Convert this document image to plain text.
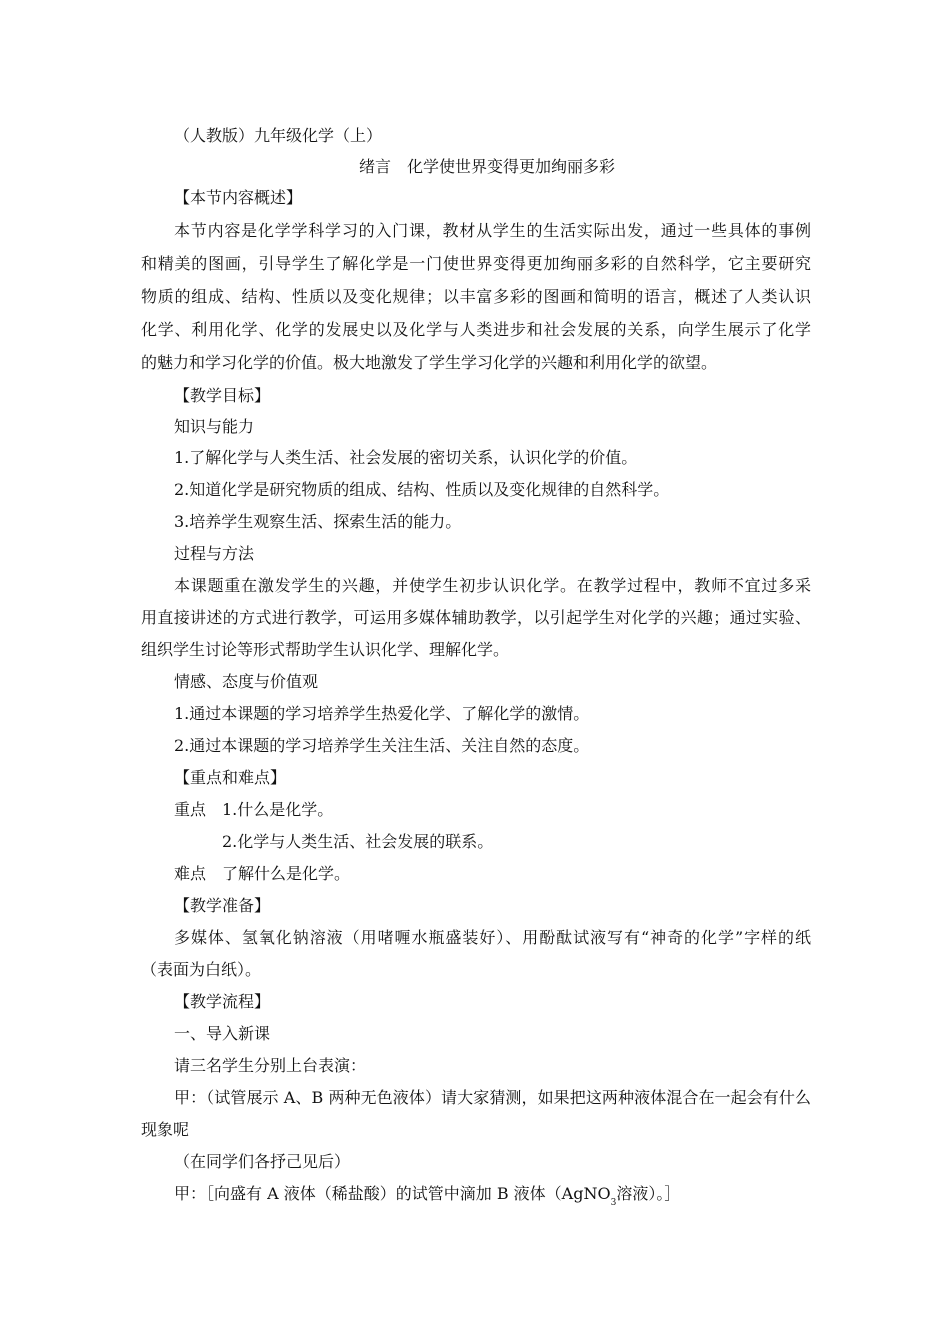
（人教版）九年级化学（上）
绪言　化学使世界变得更加绚丽多彩
【本节内容概述】
本节内容是化学学科学习的入门课，教材从学生的生活实际出发，通过一些具体的事例
和精美的图画，引导学生了解化学是一门使世界变得更加绚丽多彩的自然科学，它主要研究
物质的组成、结构、性质以及变化规律；以丰富多彩的图画和简明的语言，概述了人类认识
化学、利用化学、化学的发展史以及化学与人类进步和社会发展的关系，向学生展示了化学
的魅力和学习化学的价值。极大地激发了学生学习化学的兴趣和利用化学的欲望。
【教学目标】
知识与能力
1.了解化学与人类生活、社会发展的密切关系，认识化学的价值。
2.知道化学是研究物质的组成、结构、性质以及变化规律的自然科学。
3.培养学生观察生活、探索生活的能力。
过程与方法
本课题重在激发学生的兴趣，并使学生初步认识化学。在教学过程中，教师不宜过多采
用直接讲述的方式进行教学，可运用多媒体辅助教学，以引起学生对化学的兴趣；通过实验、
组织学生讨论等形式帮助学生认识化学、理解化学。
情感、态度与价值观
1.通过本课题的学习培养学生热爱化学、了解化学的激情。
2.通过本课题的学习培养学生关注生活、关注自然的态度。
【重点和难点】
重点　1.什么是化学。
2.化学与人类生活、社会发展的联系。
难点　了解什么是化学。
【教学准备】
多媒体、氢氧化钠溶液（用啫喱水瓶盛装好）、用酚酞试液写有“神奇的化学”字样的纸
（表面为白纸）。
【教学流程】
一、导入新课
请三名学生分别上台表演：
甲：（试管展示 A、B 两种无色液体）请大家猜测，如果把这两种液体混合在一起会有什么
现象呢
（在同学们各抒己见后）
甲：［向盛有 A 液体（稀盐酸）的试管中滴加 B 液体（AgNO$_3$溶液）。］
